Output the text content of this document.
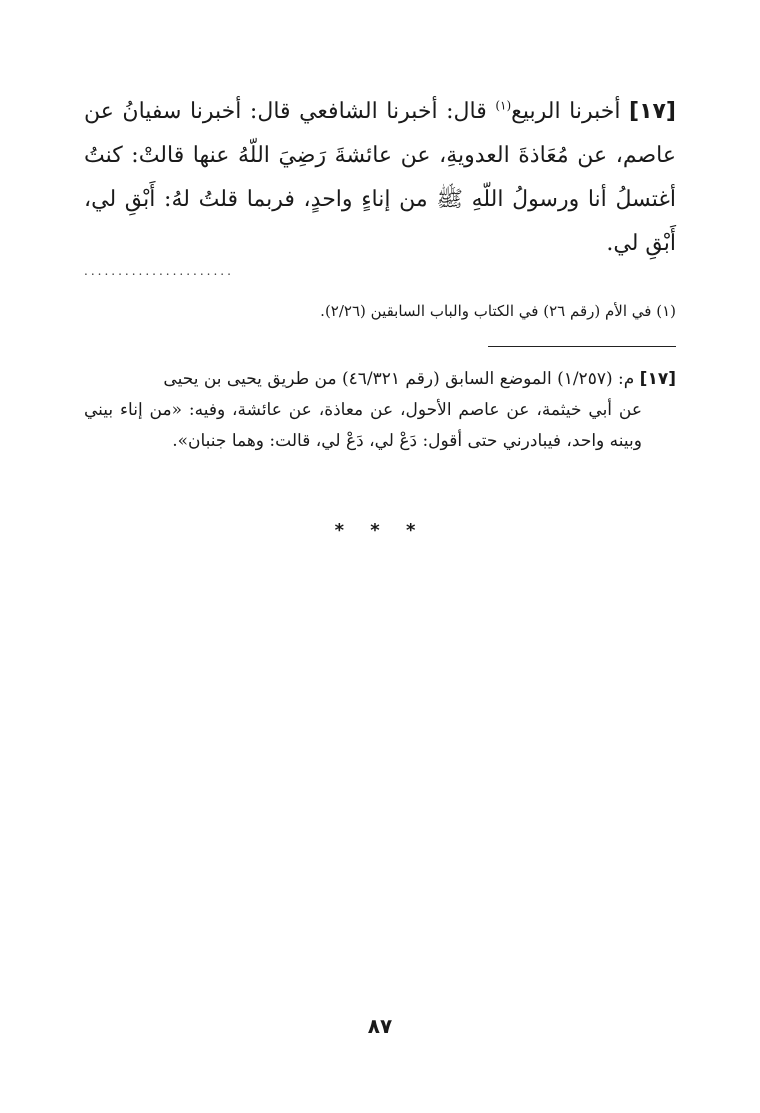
[١٧] أخبرنا الربيع$^{(١)}$ قال: أخبرنا الشافعي قال: أخبرنا سفيانُ عن عاصم، عن مُعَاذةَ العدويةِ، عن عائشةَ رَضِيَ اللّهُ عنها قالتْ: كنتُ أغتسلُ أنا ورسولُ اللّهِ ﷺ من إناءٍ واحدٍ، فربما قلتُ لهُ: أَبْقِ لي، أَبْقِ لي.

......................

(١) في الأم (رقم ٢٦) في الكتاب والباب السابقين (٢/٢٦).

[١٧] م: (١/٢٥٧) الموضع السابق (رقم ٤٦/٣٢١) من طريق يحيى بن يحيى
عن أبي خيثمة، عن عاصم الأحول، عن معاذة، عن عائشة، وفيه: «من إناء بيني وبينه واحد، فيبادرني حتى أقول: دَعْ لي، دَعْ لي، قالت: وهما جنبان».

* * *
٨٧
